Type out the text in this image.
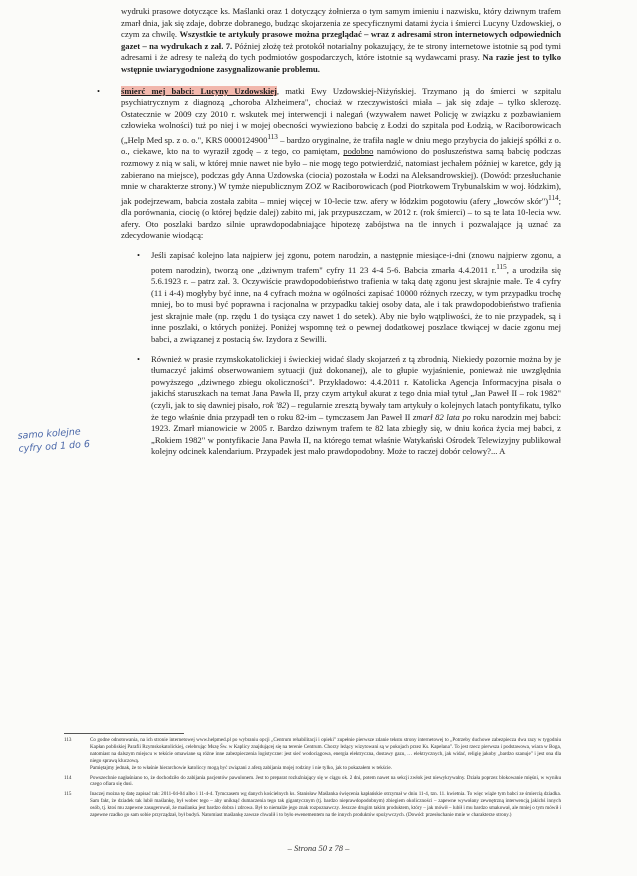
wydruki prasowe dotyczące ks. Maślanki oraz 1 dotyczący żołnierza o tym samym imieniu i nazwisku, który dziwnym trafem zmarł dnia, jak się zdaje, dobrze dobranego, budząc skojarzenia ze specyficznymi datami życia i śmierci Lucyny Uzdowskiej, o czym za chwilę. Wszystkie te artykuły prasowe można przeglądać – wraz z adresami stron internetowych odpowiednich gazet – na wydrukach z zał. 7. Później złożę też protokół notarialny pokazujący, że te strony internetowe istotnie są pod tymi adresami i że adresy te należą do tych podmiotów gospodarczych, które istotnie są wydawcami prasy. Na razie jest to tylko wstępnie uwiarygodnione zasygnalizowanie problemu.

• śmierć mej babci: Lucyny Uzdowskiej, matki Ewy Uzdowskiej-Niżyńskiej. Trzymano ją do śmierci w szpitalu psychiatrycznym z diagnozą „choroba Alzheimera", chociaż w rzeczywistości miała – jak się zdaje – tylko sklerozę. Ostatecznie w 2009 czy 2010 r. wskutek mej interwencji i nalegań (wzywałem nawet Policję w związku z pozbawianiem człowieka wolności) tuż po niej i w mojej obecności wywieziono babcię z Łodzi do szpitala pod Łodzią, w Raciborowicach („Help Med sp. z o. o.", KRS 0000124900$^{113}$ – bardzo oryginalne, że trafiła nagle w dniu mego przybycia do jakiejś spółki z o. o., ciekawe, kto na to wyraził zgodę – z tego, co pamiętam, podobno namówiono do posłuszeństwa samą babcię podczas rozmowy z nią w sali, w której mnie nawet nie było – nie mogę tego potwierdzić, natomiast jechałem później w karetce, gdy ją zabierano na miejsce), podczas gdy Anna Uzdowska (ciocia) pozostała w Łodzi na Aleksandrowskiej). (Dowód: przesłuchanie mnie w charakterze strony.) W tymże niepublicznym ZOZ w Raciborowicach (pod Piotrkowem Trybunalskim w woj. łódzkim), jak podejrzewam, babcia została zabita – mniej więcej w 10-lecie tzw. afery w łódzkim pogotowiu (afery „łowców skór")$^{114}$; dla porównania, ciocię (o której będzie dalej) zabito mi, jak przypuszczam, w 2012 r. (rok śmierci) – to są te lata 10-lecia ww. afery. Oto poszlaki bardzo silnie uprawdopodabniające hipotezę zabójstwa na tle innych i pozwalające ją uznać za zdecydowanie wiodącą:

• Jeśli zapisać kolejno lata najpierw jej zgonu, potem narodzin, a następnie miesiące-i-dni (znowu najpierw zgonu, a potem narodzin), tworzą one „dziwnym trafem" cyfry 11 23 4-4 5-6. Babcia zmarła 4.4.2011 r.$^{115}$, a urodziła się 5.6.1923 r. – patrz zał. 3. Oczywiście prawdopodobieństwo trafienia w taką datę zgonu jest skrajnie małe. Te 4 cyfry (11 i 4-4) mogłyby być inne, na 4 cyfrach można w ogólności zapisać 10000 różnych rzeczy, w tym przypadku trochę mniej, bo to musi być poprawna i racjonalna w przypadku takiej osoby data, ale i tak prawdopodobieństwo trafienia jest skrajnie małe (np. rzędu 1 do tysiąca czy nawet 1 do setek). Aby nie było wątpliwości, że to nie przypadek, są i inne poszlaki, o których poniżej. Poniżej wspomnę też o pewnej dodatkowej poszlace tkwiącej w dacie zgonu mej babci, a związanej z postacią św. Izydora z Sewilli.

• Również w prasie rzymskokatolickiej i świeckiej widać ślady skojarzeń z tą zbrodnią. Niekiedy pozornie można by je tłumaczyć jakimś obserwowaniem sytuacji (już dokonanej), ale to głupie wyjaśnienie, ponieważ nie uwzględnia powyższego „dziwnego zbiegu okoliczności". Przykładowo: 4.4.2011 r. Katolicka Agencja Informacyjna pisała o jakichś staruszkach na temat Jana Pawła II, przy czym artykuł akurat z tego dnia miał tytuł „Jan Paweł II – rok 1982" (czyli, jak to się dawniej pisało, rok '82) – regularnie zresztą bywały tam artykuły o kolejnych latach pontyfikatu, tylko że tego właśnie dnia przypadł ten o roku 82-im – tymczasem Jan Paweł II zmarł 82 lata po roku narodzin mej babci: 1923. Zmarł mianowicie w 2005 r. Bardzo dziwnym trafem te 82 lata zbiegły się, w dniu końca życia mej babci, z „Rokiem 1982" w pontyfikacie Jana Pawła II, na którego temat właśnie Watykański Ośrodek Telewizyjny publikował kolejny odcinek kalendarium. Przypadek jest mało prawdopodobny. Może to raczej dobór celowy?... A

samo kolejne cyfry od 1 do 6
113	Co godne odnotowania, na ich stronie internetowej www.helpmed.pl po wybraniu opcji „Centrum rehabilitacji i opieki" zupełnie pierwsze zdanie tekstu strony internetowej to „Potrzeby duchowe zabezpiecza dwa razy w tygodniu Kapłan pobliskiej Parafii Rzymskokatolickiej, celebrując Mszę Św. w Kaplicy znajdującej się na terenie Centrum. Chorzy leżący wizytowani są w pokojach przez Ks. Kapelana". To jest rzecz pierwsza i podstawowa, wiara w Boga, natomiast na dalszym miejscu w tekście omawiane są różne inne zabezpieczenia logistyczne: jest sieć wodociągowa, energia elektryczna, dostawy gazu, … elektrycznych, jak widać, religię jakoby „bardzo szanuje" i jest ona dla niego sprawą kluczową.
Pamiętajmy jednak, że to właśnie hierarchowie katoliccy mogą być związani z aferą zabijania mojej rodziny i nie tylko, jak to pokazałem w tekście.
114	Powszechnie nagłaśniano to, że dochodziło do zabijania pacjentów pawulonem. Jest to preparat rozluźniający się w ciągu ok. 2 dni, potem nawet na sekcji zwłok jest niewykrywalny. Działa poprzez blokowanie mięśni, w wyniku czego ofiara się dusi.
115	Inaczej można tę datę zapisać tak: 2011-04-04 albo i 11-4-4. Tymczasem wg danych kościelnych ks. Stanisław Maślanka święcenia kapłańskie otrzymał w dniu 11-4, tzn. 11. kwietnia. To więc wiąże tym babci ze śmiercią dziadka. Sam fakt, że dziadek tak lubił maślankę, był wobec tego – aby uniknąć dumaczenia tego tak gigantycznym (tj. bardzo nieprawdopodobnym) zbiegiem okoliczności – zapewne wywołany zewnętrzną interwencją jakichś innych osób, tj. ktoś mu zapewne zasugerował, że maślanka jest bardzo dobra i zdrowa. Był to niemalże jego znak rozpoznawczy. Jeszcze drugim takim produktem, który – jak mówił – lubił i mu bardzo smakował, ale mniej o tym mówił i zapewne rzadko go sam sobie przyrządzał, był budyń. Natomiast maślankę zawsze chwalił i to było ewenementem na tle innych produktów spożywczych. (Dowód: przesłuchanie mnie w charakterze strony.)
– Strona 50 z 78 –
